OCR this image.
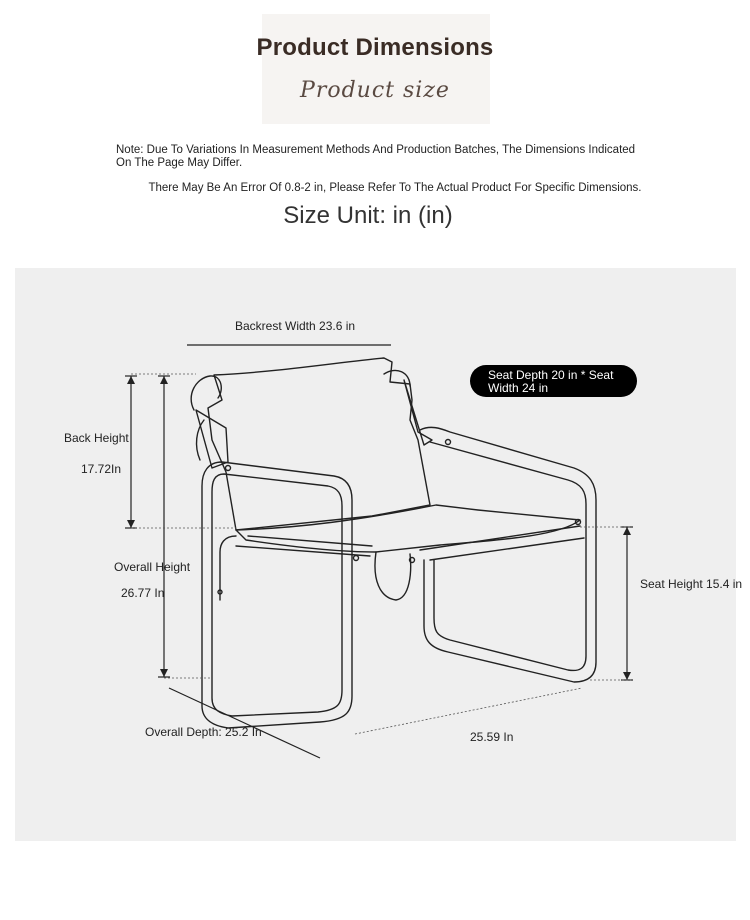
Product Dimensions
Product size
Note: Due To Variations In Measurement Methods And Production Batches, The Dimensions Indicated On The Page May Differ.
There May Be An Error Of 0.8-2 in, Please Refer To The Actual Product For Specific Dimensions.
Size Unit: in (in)
Backrest Width 23.6 in
Seat Depth 20 in * Seat Width 24 in
Back Height
17.72In
Overall Height
26.77 In
Seat Height 15.4 in
Overall Depth: 25.2 In	25.59 In
